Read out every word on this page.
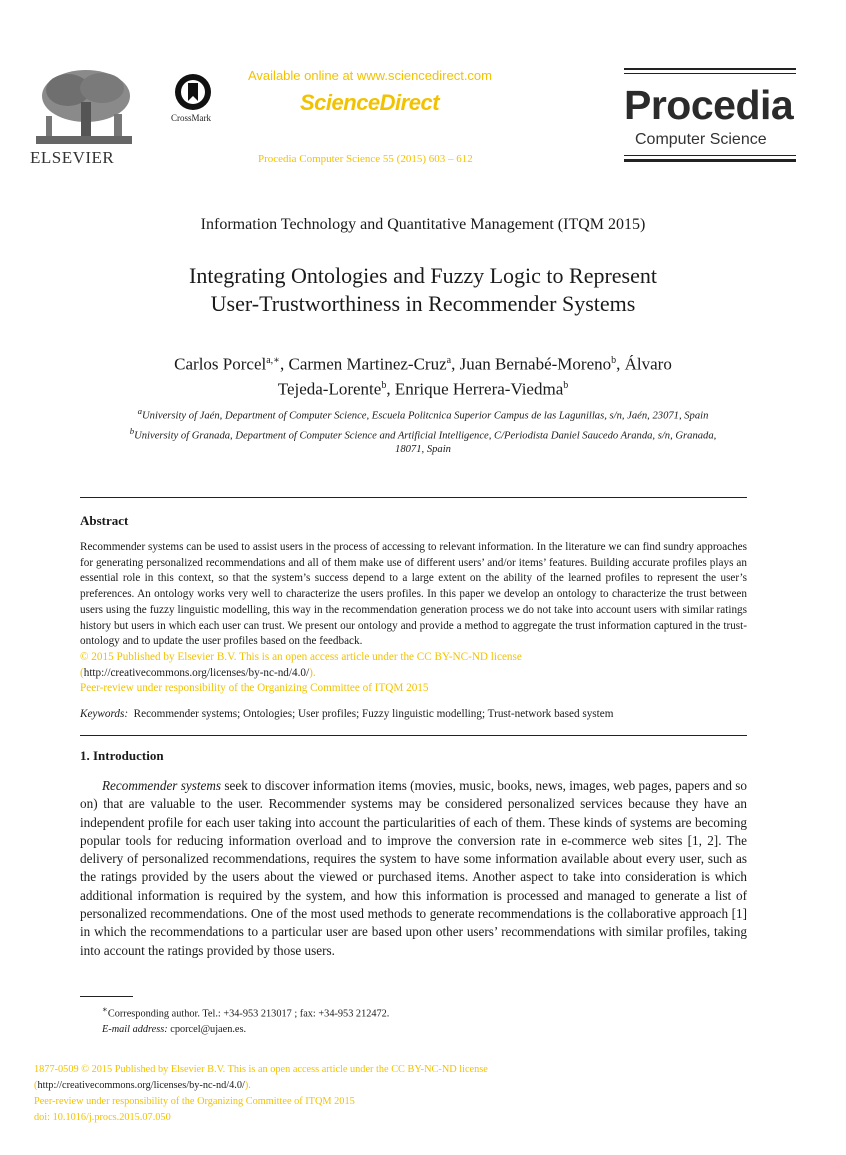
ELSEVIER
CrossMark
Available online at www.sciencedirect.com
ScienceDirect
Procedia Computer Science 55 (2015) 603 – 612
Procedia
Computer Science
Information Technology and Quantitative Management (ITQM 2015)
Integrating Ontologies and Fuzzy Logic to Represent
User-Trustworthiness in Recommender Systems
Carlos Porcel$^{a,∗}$, Carmen Martinez-Cruz$^a$, Juan Bernabé-Moreno$^b$, Álvaro
Tejeda-Lorente$^b$, Enrique Herrera-Viedma$^b$
$^a$University of Jaén, Department of Computer Science, Escuela Politcnica Superior Campus de las Lagunillas, s/n, Jaén, 23071, Spain
$^b$University of Granada, Department of Computer Science and Artificial Intelligence, C/Periodista Daniel Saucedo Aranda, s/n, Granada,
18071, Spain
Abstract

Recommender systems can be used to assist users in the process of accessing to relevant information. In the literature we can find sundry approaches for generating personalized recommendations and all of them make use of different users’ and/or items’ features. Building accurate profiles plays an essential role in this context, so that the system’s success depend to a large extent on the ability of the learned profiles to represent the user’s preferences. An ontology works very well to characterize the users profiles. In this paper we develop an ontology to characterize the trust between users using the fuzzy linguistic modelling, this way in the recommendation generation process we do not take into account users with similar ratings history but users in which each user can trust. We present our ontology and provide a method to aggregate the trust information captured in the trust-ontology and to update the user profiles based on the feedback.

© 2015 Published by Elsevier B.V. This is an open access article under the CC BY-NC-ND license

(http://creativecommons.org/licenses/by-nc-nd/4.0/).

Peer-review under responsibility of the Organizing Committee of ITQM 2015

Keywords: Recommender systems; Ontologies; User profiles; Fuzzy linguistic modelling; Trust-network based system
1. Introduction
Recommender systems seek to discover information items (movies, music, books, news, images, web pages, papers and so on) that are valuable to the user. Recommender systems may be considered personalized services because they have an independent profile for each user taking into account the particularities of each of them. These kinds of systems are becoming popular tools for reducing information overload and to improve the conversion rate in e-commerce web sites [1, 2]. The delivery of personalized recommendations, requires the system to have some information available about every user, such as the ratings provided by the users about the viewed or purchased items. Another aspect to take into consideration is which additional information is required by the system, and how this information is processed and managed to generate a list of personalized recommendations. One of the most used methods to generate recommendations is the collaborative approach [1] in which the recommendations to a particular user are based upon other users’ recommendations with similar profiles, taking into account the ratings provided by those users.
∗Corresponding author. Tel.: +34-953 213017 ; fax: +34-953 212472.
E-mail address: cporcel@ujaen.es.
1877-0509 © 2015 Published by Elsevier B.V. This is an open access article under the CC BY-NC-ND license
(http://creativecommons.org/licenses/by-nc-nd/4.0/).
Peer-review under responsibility of the Organizing Committee of ITQM 2015
doi: 10.1016/j.procs.2015.07.050
